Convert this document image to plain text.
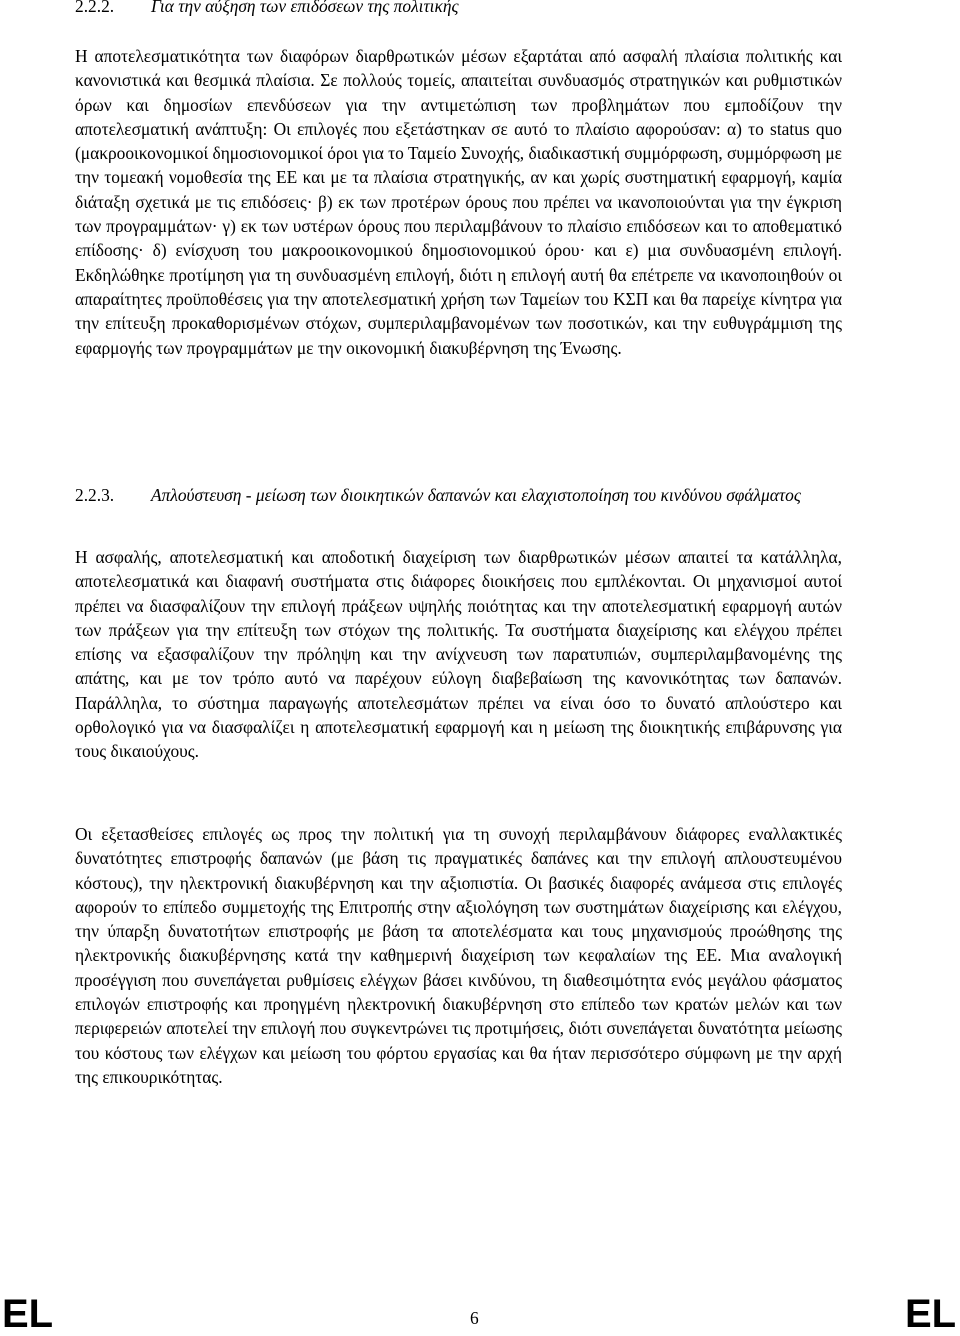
2.2.2.	Για την αύξηση των επιδόσεων της πολιτικής

Η αποτελεσματικότητα των διαφόρων διαρθρωτικών μέσων εξαρτάται από ασφαλή πλαίσια πολιτικής και κανονιστικά και θεσμικά πλαίσια. Σε πολλούς τομείς, απαιτείται συνδυασμός στρατηγικών και ρυθμιστικών όρων και δημοσίων επενδύσεων για την αντιμετώπιση των προβλημάτων που εμποδίζουν την αποτελεσματική ανάπτυξη: Οι επιλογές που εξετάστηκαν σε αυτό το πλαίσιο αφορούσαν: α) το status quo (μακροοικονομικοί δημοσιονομικοί όροι για το Ταμείο Συνοχής, διαδικαστική συμμόρφωση, συμμόρφωση με την τομεακή νομοθεσία της ΕΕ και με τα πλαίσια στρατηγικής, αν και χωρίς συστηματική εφαρμογή, καμία διάταξη σχετικά με τις επιδόσεις· β) εκ των προτέρων όρους που πρέπει να ικανοποιούνται για την έγκριση των προγραμμάτων· γ) εκ των υστέρων όρους που περιλαμβάνουν το πλαίσιο επιδόσεων και το αποθεματικό επίδοσης· δ) ενίσχυση του μακροοικονομικού δημοσιονομικού όρου· και ε) μια συνδυασμένη επιλογή. Εκδηλώθηκε προτίμηση για τη συνδυασμένη επιλογή, διότι η επιλογή αυτή θα επέτρεπε να ικανοποιηθούν οι απαραίτητες προϋποθέσεις για την αποτελεσματική χρήση των Ταμείων του ΚΣΠ και θα παρείχε κίνητρα για την επίτευξη προκαθορισμένων στόχων, συμπεριλαμβανομένων των ποσοτικών, και την ευθυγράμμιση της εφαρμογής των προγραμμάτων με την οικονομική διακυβέρνηση της Ένωσης.

2.2.3.	Απλούστευση - μείωση των διοικητικών δαπανών και ελαχιστοποίηση του κινδύνου σφάλματος

Η ασφαλής, αποτελεσματική και αποδοτική διαχείριση των διαρθρωτικών μέσων απαιτεί τα κατάλληλα, αποτελεσματικά και διαφανή συστήματα στις διάφορες διοικήσεις που εμπλέκονται. Οι μηχανισμοί αυτοί πρέπει να διασφαλίζουν την επιλογή πράξεων υψηλής ποιότητας και την αποτελεσματική εφαρμογή αυτών των πράξεων για την επίτευξη των στόχων της πολιτικής. Τα συστήματα διαχείρισης και ελέγχου πρέπει επίσης να εξασφαλίζουν την πρόληψη και την ανίχνευση των παρατυπιών, συμπεριλαμβανομένης της απάτης, και με τον τρόπο αυτό να παρέχουν εύλογη διαβεβαίωση της κανονικότητας των δαπανών. Παράλληλα, το σύστημα παραγωγής αποτελεσμάτων πρέπει να είναι όσο το δυνατό απλούστερο και ορθολογικό για να διασφαλίζει η αποτελεσματική εφαρμογή και η μείωση της διοικητικής επιβάρυνσης για τους δικαιούχους.

Οι εξετασθείσες επιλογές ως προς την πολιτική για τη συνοχή περιλαμβάνουν διάφορες εναλλακτικές δυνατότητες επιστροφής δαπανών (με βάση τις πραγματικές δαπάνες και την επιλογή απλουστευμένου κόστους), την ηλεκτρονική διακυβέρνηση και την αξιοπιστία. Οι βασικές διαφορές ανάμεσα στις επιλογές αφορούν το επίπεδο συμμετοχής της Επιτροπής στην αξιολόγηση των συστημάτων διαχείρισης και ελέγχου, την ύπαρξη δυνατοτήτων επιστροφής με βάση τα αποτελέσματα και τους μηχανισμούς προώθησης της ηλεκτρονικής διακυβέρνησης κατά την καθημερινή διαχείριση των κεφαλαίων της ΕΕ. Μια αναλογική προσέγγιση που συνεπάγεται ρυθμίσεις ελέγχων βάσει κινδύνου, τη διαθεσιμότητα ενός μεγάλου φάσματος επιλογών επιστροφής και προηγμένη ηλεκτρονική διακυβέρνηση στο επίπεδο των κρατών μελών και των περιφερειών αποτελεί την επιλογή που συγκεντρώνει τις προτιμήσεις, διότι συνεπάγεται δυνατότητα μείωσης του κόστους των ελέγχων και μείωση του φόρτου εργασίας και θα ήταν περισσότερο σύμφωνη με την αρχή της επικουρικότητας.

EL	6	EL
